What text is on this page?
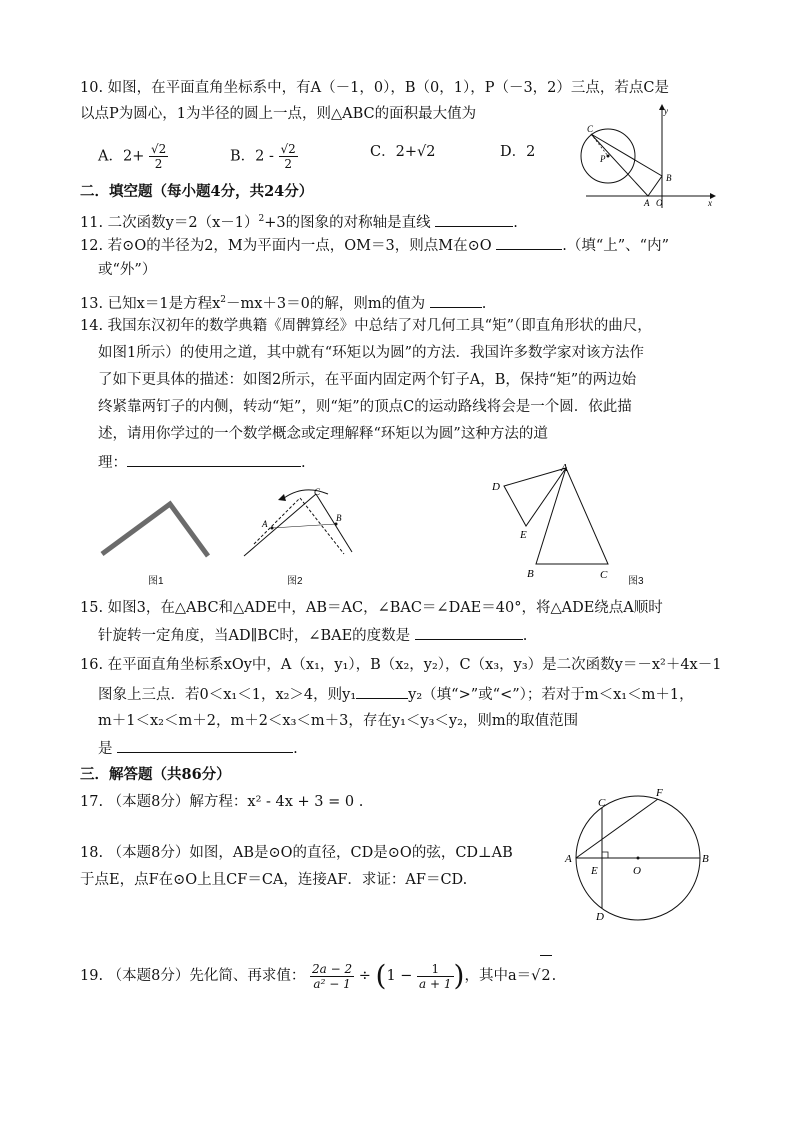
10. 如图，在平面直角坐标系中，有A（－1，0），B（0，1），P（－3，2）三点，若点C是
以点P为圆心，1为半径的圆上一点，则△ABC的面积最大值为
A．$2+ \frac{√2}{2}$	B．$2 - \frac{√2}{2}$	C．2+√2	D．2
y
x
C
P
B
A O
二．填空题（每小题4分，共24分）
11. 二次函数$y=2(x-1)^2+3$的图象的对称轴是直线	.
12. 若⊙O的半径为2，M为平面内一点，OM＝3，则点M在⊙O	.（填“上”、“内”
或“外”）
13. 已知x＝1是方程$x^2-mx+3=0$的解，则m的值为	.
14. 我国东汉初年的数学典籍《周髀算经》中总结了对几何工具“矩”（即直角形状的曲尺，
如图1所示）的使用之道，其中就有“环矩以为圆”的方法．我国许多数学家对该方法作
了如下更具体的描述：如图2所示，在平面内固定两个钉子A，B，保持“矩”的两边始
终紧靠两钉子的内侧，转动“矩”，则“矩”的顶点C的运动路线将会是一个圆．依此描
述，请用你学过的一个数学概念或定理解释“环矩以为圆”这种方法的道
理：	.
图1
A
B
C
图2
A
D
E
B	C
图3
15. 如图3，在△ABC和△ADE中，AB＝AC，∠BAC＝∠DAE＝40°，将△ADE绕点A顺时
针旋转一定角度，当AD∥BC时，∠BAE的度数是	.
16. 在平面直角坐标系xOy中，A（x₁，y₁），B（x₂，y₂），C（x₃，y₃）是二次函数y＝－x²＋4x－1
图象上三点．若0＜x₁＜1，x₂＞4，则y₁	y₂（填“>”或“<”）；若对于m＜x₁＜m＋1，
m＋1＜x₂＜m＋2，m＋2＜x₃＜m＋3，存在y₁＜y₃＜y₂，则m的取值范围
是	.
三．解答题（共86分）
17. （本题8分）解方程：x² - 4x + 3 = 0 .
18. （本题8分）如图，AB是⊙O的直径，CD是⊙O的弦，CD⊥AB
于点E，点F在⊙O上且CF＝CA，连接AF．求证：AF＝CD.
C
F
A	B
E	O
D
19. （本题8分）先化简、再求值： $\frac{2a - 2}{\text{a² − 1}} \div (1 - \frac{1}{a + 1}$ )，其中a＝√2.
